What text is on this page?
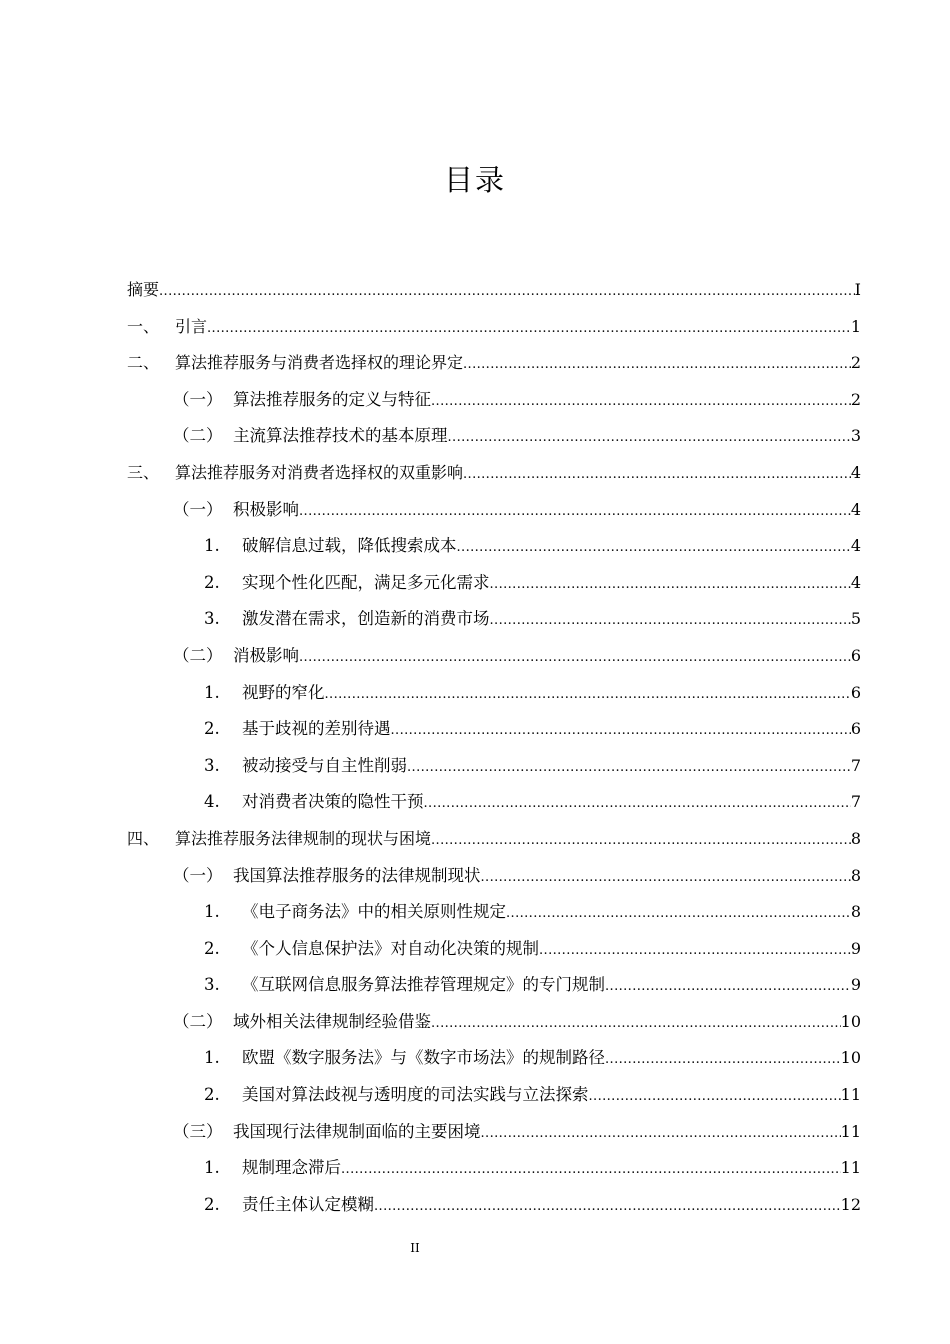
目录
摘要 .....	I
一、 引言 .....	1
二、 算法推荐服务与消费者选择权的理论界定 .....	2
（一） 算法推荐服务的定义与特征 .....	2
（二） 主流算法推荐技术的基本原理 .....	3
三、 算法推荐服务对消费者选择权的双重影响 .....	4
（一） 积极影响 .....	4
1.	破解信息过载，降低搜索成本 .....	4
2.	实现个性化匹配，满足多元化需求 .....	4
3.	激发潜在需求，创造新的消费市场 .....	5
（二） 消极影响 .....	6
1.	视野的窄化 .....	6
2.	基于歧视的差别待遇 .....	6
3.	被动接受与自主性削弱 .....	7
4.	对消费者决策的隐性干预 .....	7
四、 算法推荐服务法律规制的现状与困境 .....	8
（一） 我国算法推荐服务的法律规制现状 .....	8
1.	《电子商务法》中的相关原则性规定 .....	8
2.	《个人信息保护法》对自动化决策的规制 .....	9
3.	《互联网信息服务算法推荐管理规定》的专门规制 .....	9
（二） 域外相关法律规制经验借鉴 .....	10
1.	欧盟《数字服务法》与《数字市场法》的规制路径 .....	10
2.	美国对算法歧视与透明度的司法实践与立法探索 .....	11
（三） 我国现行法律规制面临的主要困境 .....	11
1.	规制理念滞后 .....	11
2.	责任主体认定模糊 .....	12
II
